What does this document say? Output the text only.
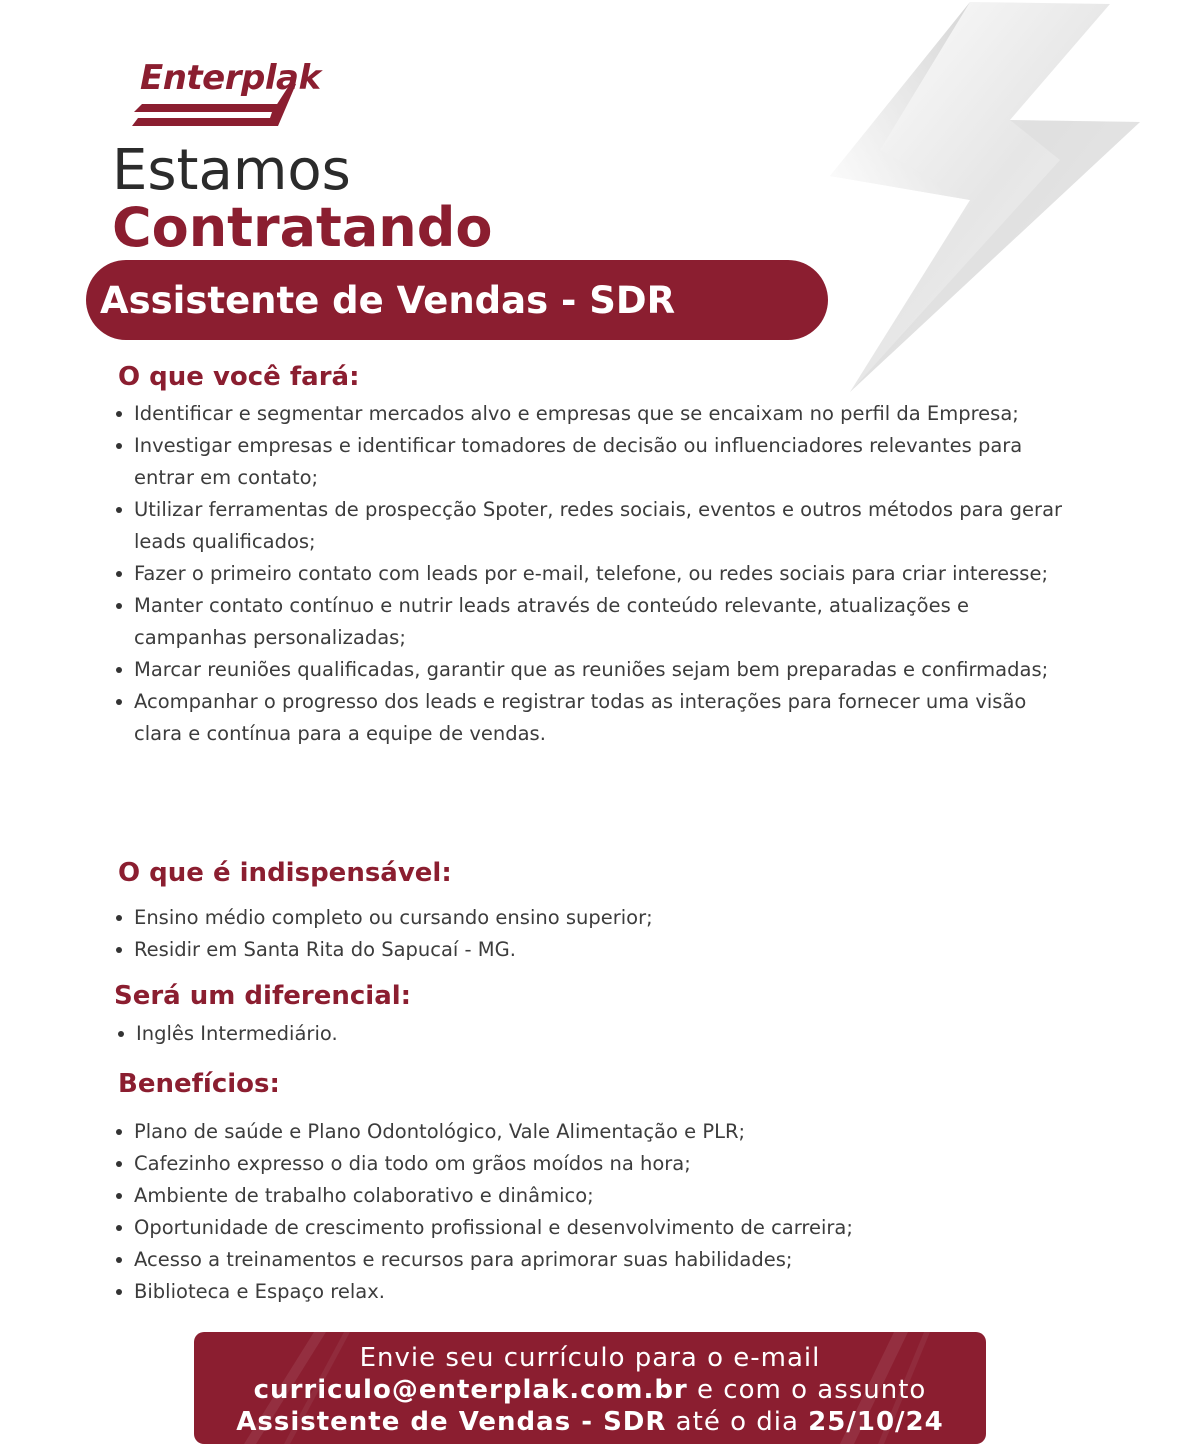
Enterplak
Estamos
Contratando
Assistente de Vendas - SDR
O que você fará:
Identificar e segmentar mercados alvo e empresas que se encaixam no perfil da Empresa;
Investigar empresas e identificar tomadores de decisão ou influenciadores relevantes para entrar em contato;
Utilizar ferramentas de prospecção Spoter, redes sociais, eventos e outros métodos para gerar leads qualificados;
Fazer o primeiro contato com leads por e-mail, telefone, ou redes sociais para criar interesse;
Manter contato contínuo e nutrir leads através de conteúdo relevante, atualizações e campanhas personalizadas;
Marcar reuniões qualificadas, garantir que as reuniões sejam bem preparadas e confirmadas;
Acompanhar o progresso dos leads e registrar todas as interações para fornecer uma visão clara e contínua para a equipe de vendas.
O que é indispensável:
Ensino médio completo ou cursando ensino superior;
Residir em Santa Rita do Sapucaí - MG.
Será um diferencial:
Inglês Intermediário.
Benefícios:
Plano de saúde e Plano Odontológico, Vale Alimentação e PLR;
Cafezinho expresso o dia todo om grãos moídos na hora;
Ambiente de trabalho colaborativo e dinâmico;
Oportunidade de crescimento profissional e desenvolvimento de carreira;
Acesso a treinamentos e recursos para aprimorar suas habilidades;
Biblioteca e Espaço relax.
Envie seu currículo para o e-mail
curriculo@enterplak.com.br e com o assunto
Assistente de Vendas - SDR até o dia 25/10/24
